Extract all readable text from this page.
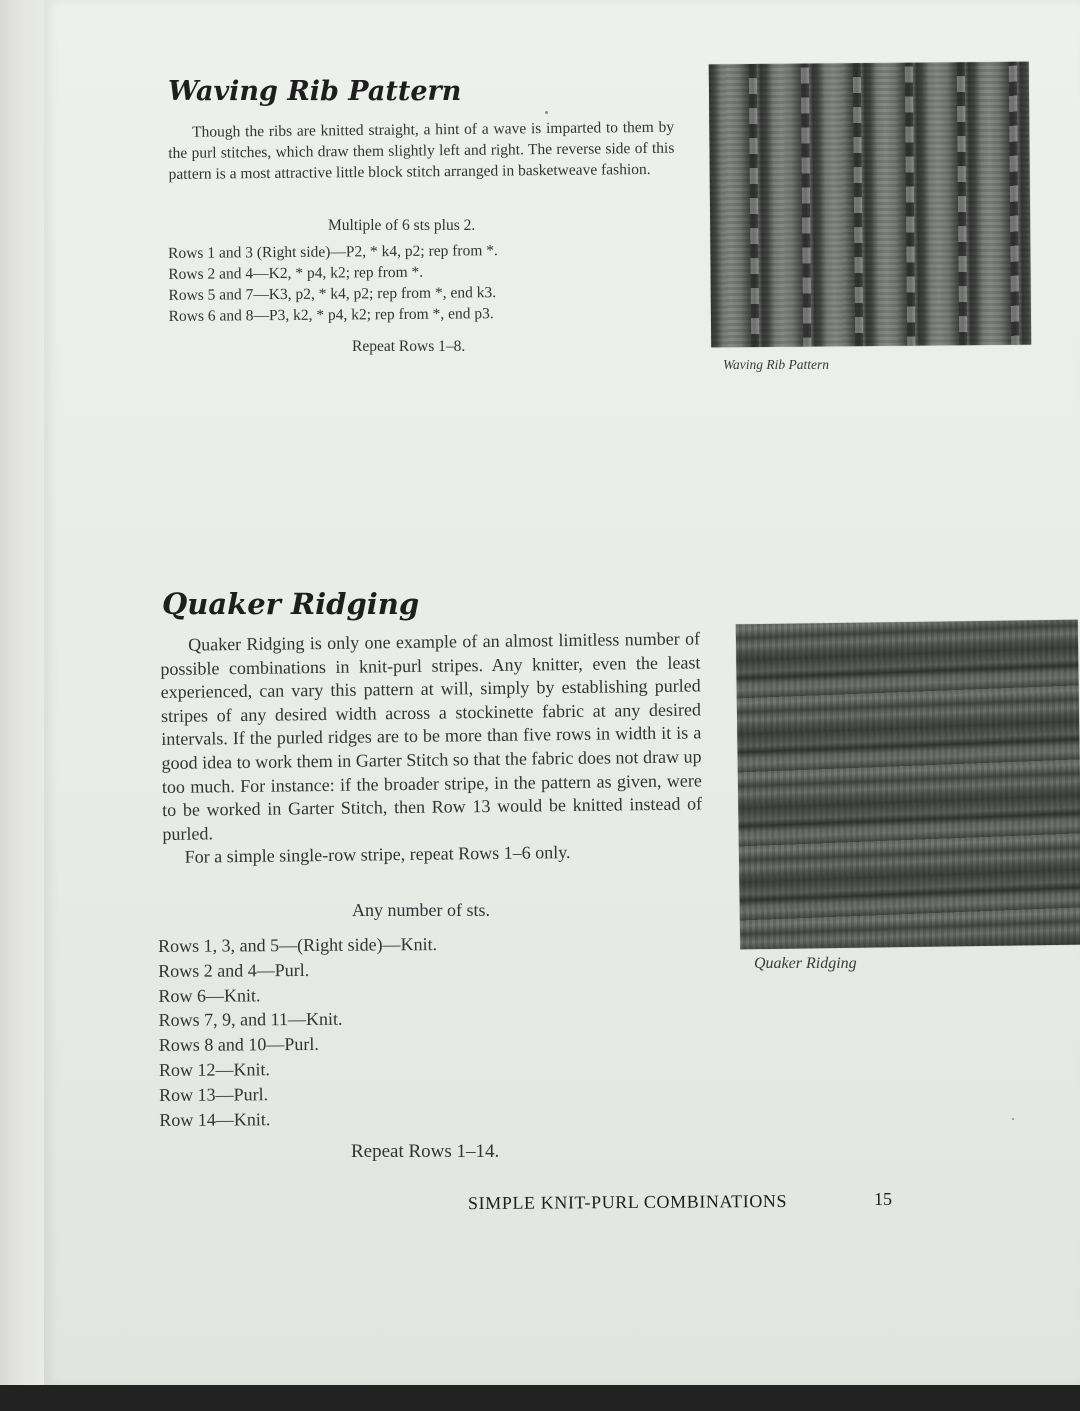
Waving Rib Pattern

Though the ribs are knitted straight, a hint of a wave is imparted to them by the purl stitches, which draw them slightly left and right. The reverse side of this pattern is a most attractive little block stitch arranged in basketweave fashion.

Multiple of 6 sts plus 2.
Rows 1 and 3 (Right side)—P2, * k4, p2; rep from *.
Rows 2 and 4—K2, * p4, k2; rep from *.
Rows 5 and 7—K3, p2, * k4, p2; rep from *, end k3.
Rows 6 and 8—P3, k2, * p4, k2; rep from *, end p3.
Repeat Rows 1–8.
Waving Rib Pattern
Quaker Ridging
Quaker Ridging is only one example of an almost limitless number of possible combinations in knit-purl stripes. Any knitter, even the least experienced, can vary this pattern at will, simply by establishing purled stripes of any desired width across a stockinette fabric at any desired intervals. If the purled ridges are to be more than five rows in width it is a good idea to work them in Garter Stitch so that the fabric does not draw up too much. For instance: if the broader stripe, in the pattern as given, were to be worked in Garter Stitch, then Row 13 would be knitted instead of purled.
For a simple single-row stripe, repeat Rows 1–6 only.
Any number of sts.
Rows 1, 3, and 5—(Right side)—Knit.
Rows 2 and 4—Purl.
Row 6—Knit.
Rows 7, 9, and 11—Knit.
Rows 8 and 10—Purl.
Row 12—Knit.
Row 13—Purl.
Row 14—Knit.
Repeat Rows 1–14.
Quaker Ridging
SIMPLE KNIT-PURL COMBINATIONS	15
